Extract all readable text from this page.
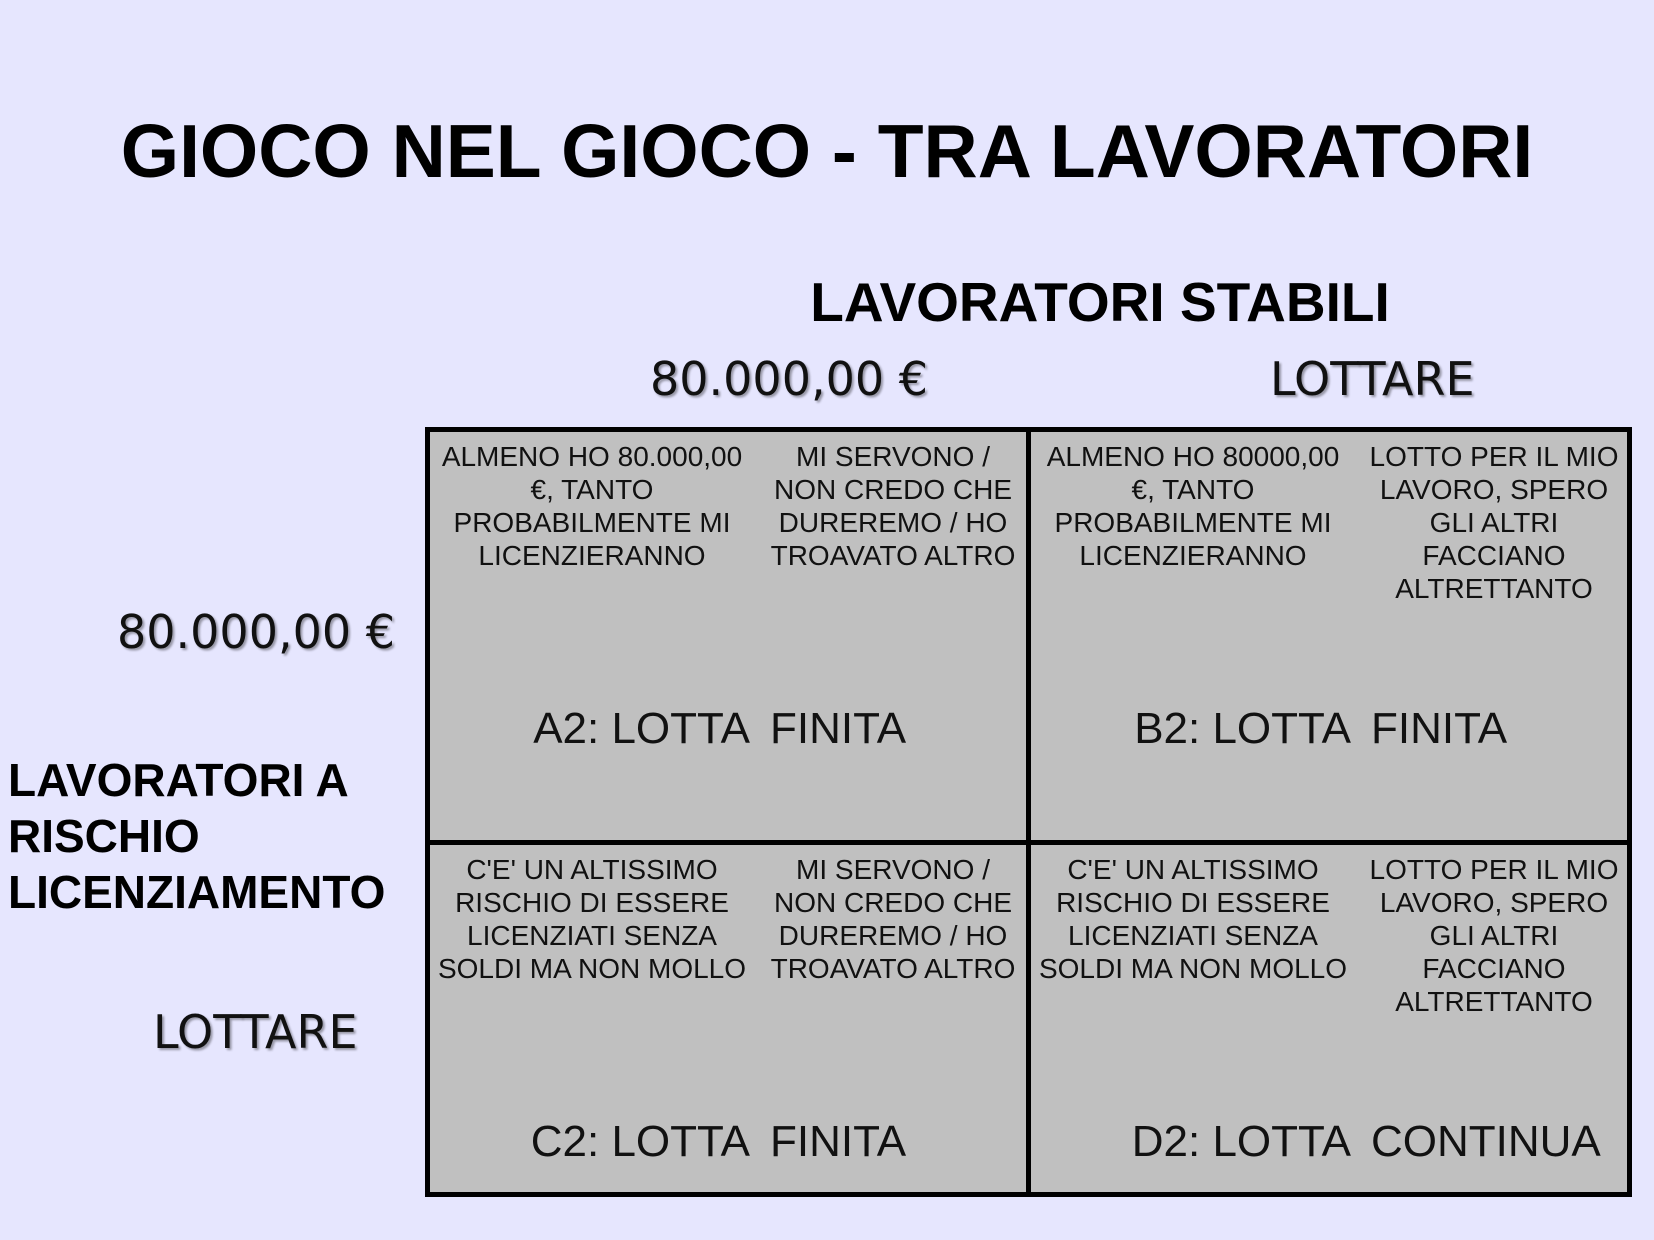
GIOCO NEL GIOCO - TRA LAVORATORI
LAVORATORI STABILI
80.000,00 €	LOTTARE
80.000,00 €
LAVORATORI A
RISCHIO
LICENZIAMENTO
LOTTARE
ALMENO HO 80.000,00 €, TANTO PROBABILMENTE MI LICENZIERANNO
MI SERVONO / NON CREDO CHE DUREREMO / HO TROAVATO ALTRO
A2: LOTTA FINITA
ALMENO HO 80000,00 €, TANTO PROBABILMENTE MI LICENZIERANNO
LOTTO PER IL MIO LAVORO, SPERO GLI ALTRI FACCIANO ALTRETTANTO
B2: LOTTA FINITA
C'E' UN ALTISSIMO RISCHIO DI ESSERE LICENZIATI SENZA SOLDI MA NON MOLLO
MI SERVONO / NON CREDO CHE DUREREMO / HO TROAVATO ALTRO
C2: LOTTA FINITA
C'E' UN ALTISSIMO RISCHIO DI ESSERE LICENZIATI SENZA SOLDI MA NON MOLLO
LOTTO PER IL MIO LAVORO, SPERO GLI ALTRI FACCIANO ALTRETTANTO
D2: LOTTA CONTINUA
